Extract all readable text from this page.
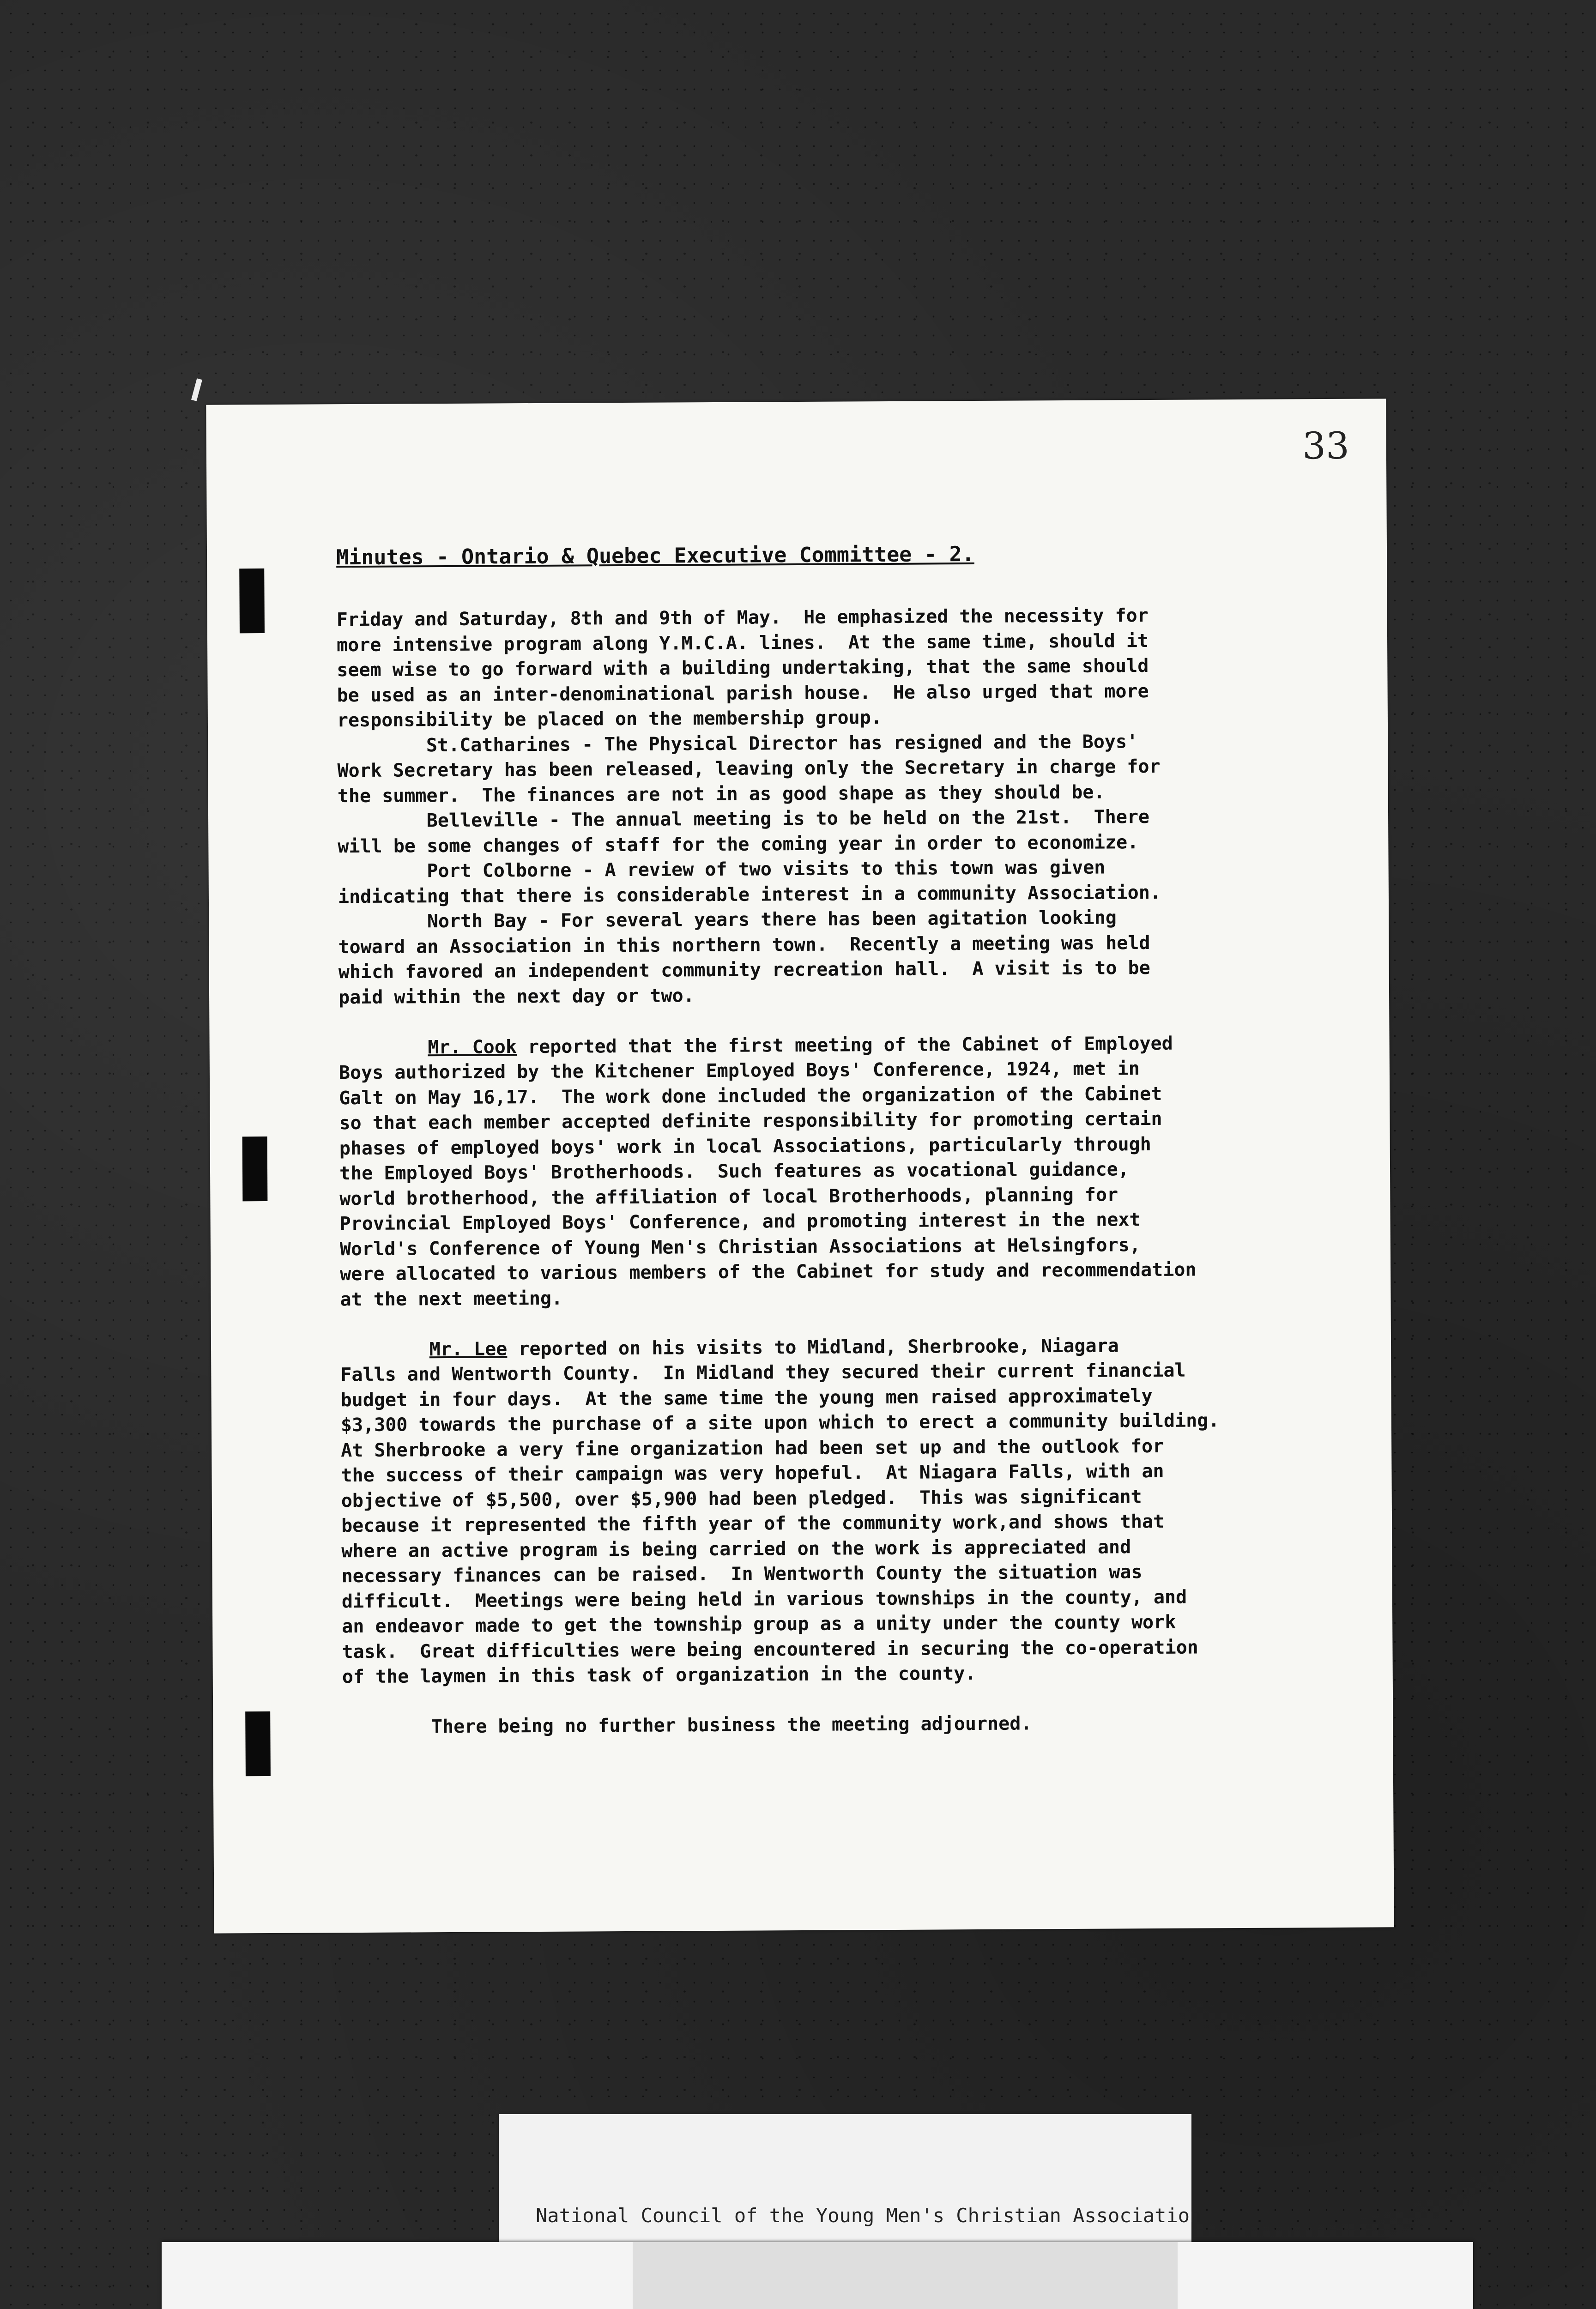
33
Minutes - Ontario & Quebec Executive Committee - 2.
Friday and Saturday, 8th and 9th of May.  He emphasized the necessity for
more intensive program along Y.M.C.A. lines.  At the same time, should it
seem wise to go forward with a building undertaking, that the same should
be used as an inter-denominational parish house.  He also urged that more
responsibility be placed on the membership group.
St.Catharines - The Physical Director has resigned and the Boys'
Work Secretary has been released, leaving only the Secretary in charge for
the summer.  The finances are not in as good shape as they should be.
Belleville - The annual meeting is to be held on the 21st.  There
will be some changes of staff for the coming year in order to economize.
Port Colborne - A review of two visits to this town was given
indicating that there is considerable interest in a community Association.
North Bay - For several years there has been agitation looking
toward an Association in this northern town.  Recently a meeting was held
which favored an independent community recreation hall.  A visit is to be
paid within the next day or two.
Mr. Cook reported that the first meeting of the Cabinet of Employed
Boys authorized by the Kitchener Employed Boys' Conference, 1924, met in
Galt on May 16,17.  The work done included the organization of the Cabinet
so that each member accepted definite responsibility for promoting certain
phases of employed boys' work in local Associations, particularly through
the Employed Boys' Brotherhoods.  Such features as vocational guidance,
world brotherhood, the affiliation of local Brotherhoods, planning for
Provincial Employed Boys' Conference, and promoting interest in the next
World's Conference of Young Men's Christian Associations at Helsingfors,
were allocated to various members of the Cabinet for study and recommendation
at the next meeting.
Mr. Lee reported on his visits to Midland, Sherbrooke, Niagara
Falls and Wentworth County.  In Midland they secured their current financial
budget in four days.  At the same time the young men raised approximately
$3,300 towards the purchase of a site upon which to erect a community building.
At Sherbrooke a very fine organization had been set up and the outlook for
the success of their campaign was very hopeful.  At Niagara Falls, with an
objective of $5,500, over $5,900 had been pledged.  This was significant
because it represented the fifth year of the community work,and shows that
where an active program is being carried on the work is appreciated and
necessary finances can be raised.  In Wentworth County the situation was
difficult.  Meetings were being held in various townships in the county, and
an endeavor made to get the township group as a unity under the county work
task.  Great difficulties were being encountered in securing the co-operation
of the laymen in this task of organization in the county.
There being no further business the meeting adjourned.

National Council of the Young Men's Christian Association
